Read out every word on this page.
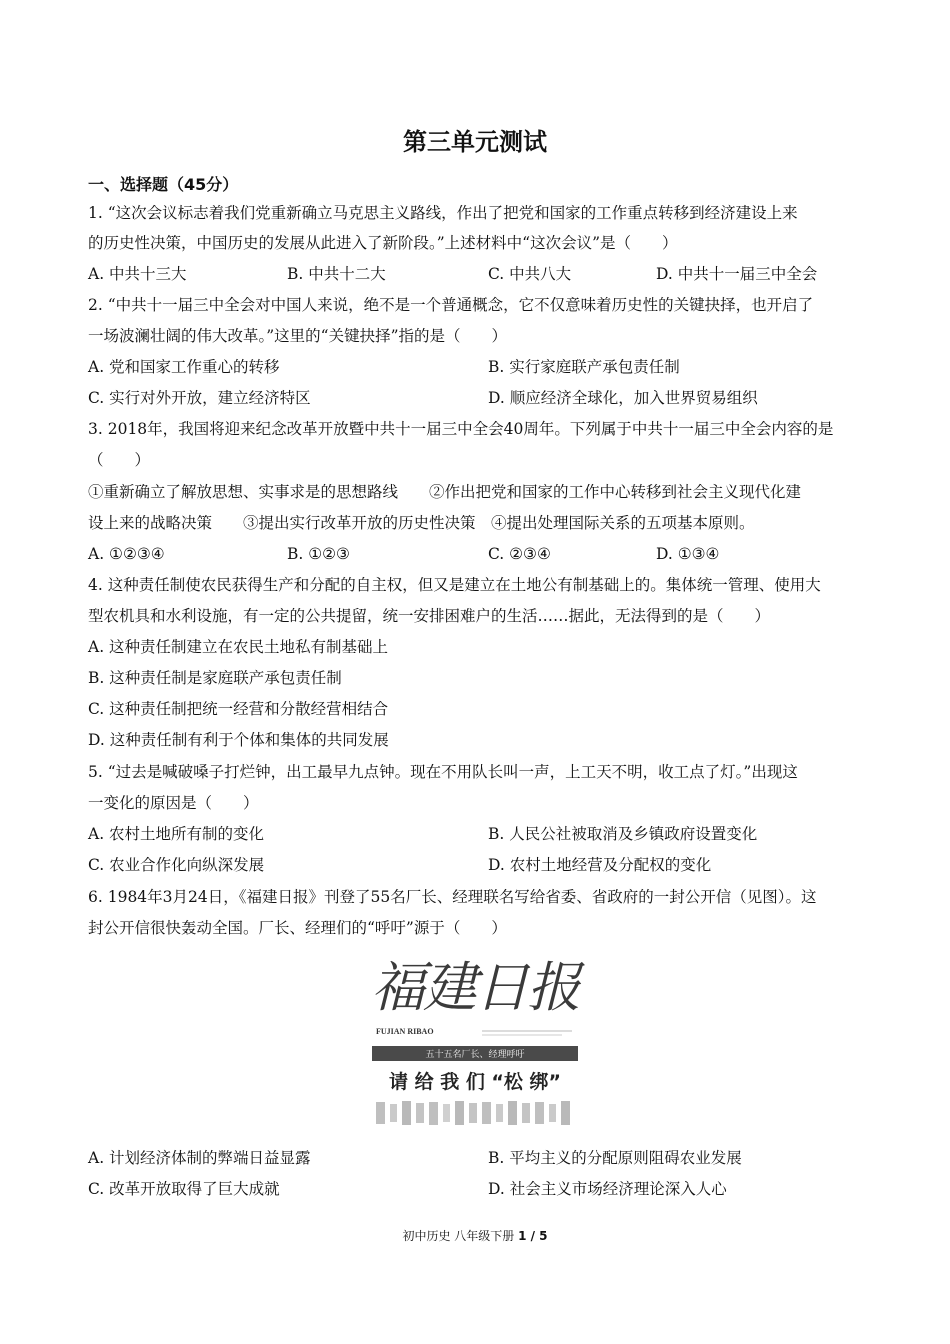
第三单元测试
一、选择题（45分）
1. “这次会议标志着我们党重新确立马克思主义路线，作出了把党和国家的工作重点转移到经济建设上来
的历史性决策，中国历史的发展从此进入了新阶段。”上述材料中“这次会议”是（　　）
A. 中共十三大	B. 中共十二大	C. 中共八大	D. 中共十一届三中全会
2. “中共十一届三中全会对中国人来说，绝不是一个普通概念，它不仅意味着历史性的关键抉择，也开启了
一场波澜壮阔的伟大改革。”这里的“关键抉择”指的是（　　）
A. 党和国家工作重心的转移	B. 实行家庭联产承包责任制
C. 实行对外开放，建立经济特区	D. 顺应经济全球化，加入世界贸易组织
3. 2018年，我国将迎来纪念改革开放暨中共十一届三中全会40周年。下列属于中共十一届三中全会内容的是
（　　）
①重新确立了解放思想、实事求是的思想路线　　②作出把党和国家的工作中心转移到社会主义现代化建
设上来的战略决策　　③提出实行改革开放的历史性决策　④提出处理国际关系的五项基本原则。
A. ①②③④	B. ①②③	C. ②③④	D. ①③④
4. 这种责任制使农民获得生产和分配的自主权，但又是建立在土地公有制基础上的。集体统一管理、使用大
型农机具和水利设施，有一定的公共提留，统一安排困难户的生活……据此，无法得到的是（　　）
A. 这种责任制建立在农民土地私有制基础上
B. 这种责任制是家庭联产承包责任制
C. 这种责任制把统一经营和分散经营相结合
D. 这种责任制有利于个体和集体的共同发展
5. “过去是喊破嗓子打烂钟，出工最早九点钟。现在不用队长叫一声，上工天不明，收工点了灯。”出现这
一变化的原因是（　　）
A. 农村土地所有制的变化	B. 人民公社被取消及乡镇政府设置变化
C. 农业合作化向纵深发展	D. 农村土地经营及分配权的变化
6. 1984年3月24日，《福建日报》刊登了55名厂长、经理联名写给省委、省政府的一封公开信（见图）。这
封公开信很快轰动全国。厂长、经理们的“呼吁”源于（　　）
福建日报
FUJIAN RIBAO
五十五名厂长、经理呼吁
请 给 我 们 “松 绑”
A. 计划经济体制的弊端日益显露	B. 平均主义的分配原则阻碍农业发展
C. 改革开放取得了巨大成就	D. 社会主义市场经济理论深入人心
初中历史 八年级下册 1 / 5
